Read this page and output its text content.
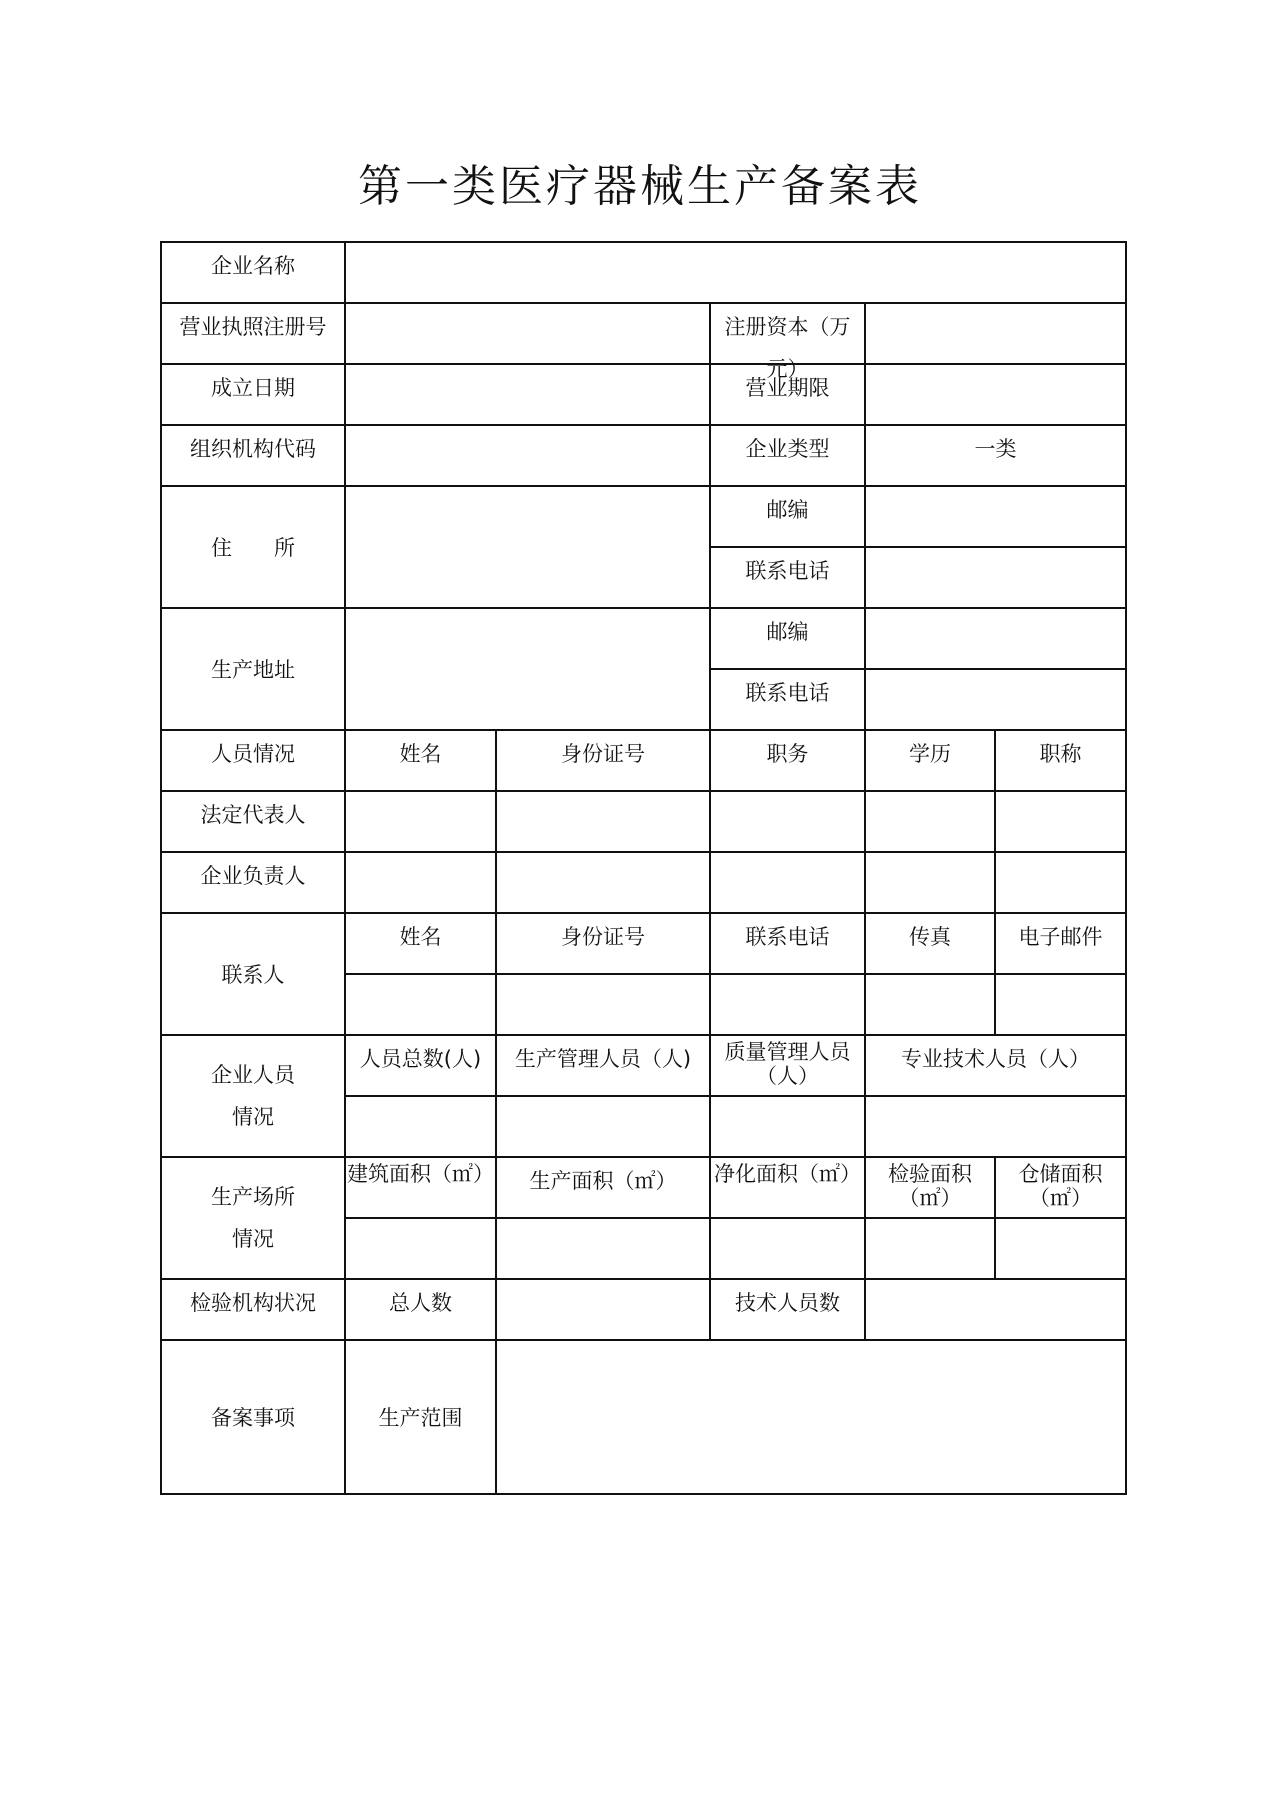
第一类医疗器械生产备案表
企业名称					

营业执照注册号			注册资本（万元）		

成立日期			营业期限		

组织机构代码			企业类型	一类	

住 所			邮编		

			联系电话		

生产地址			邮编		

			联系电话		

人员情况	姓名	身份证号	职务	学历	职称

法定代表人					

企业负责人					

联系人	姓名	身份证号	联系电话	传真	电子邮件

企业人员
情况	人员总数(人)	生产管理人员（人)	质量管理人员（人）	专业技术人员（人）	

生产场所
情况	建筑面积（㎡）	生产面积（㎡）	净化面积（㎡）	检验面积（㎡）	仓储面积（㎡）

检验机构状况	总人数		技术人员数		

备案事项	生产范围				
